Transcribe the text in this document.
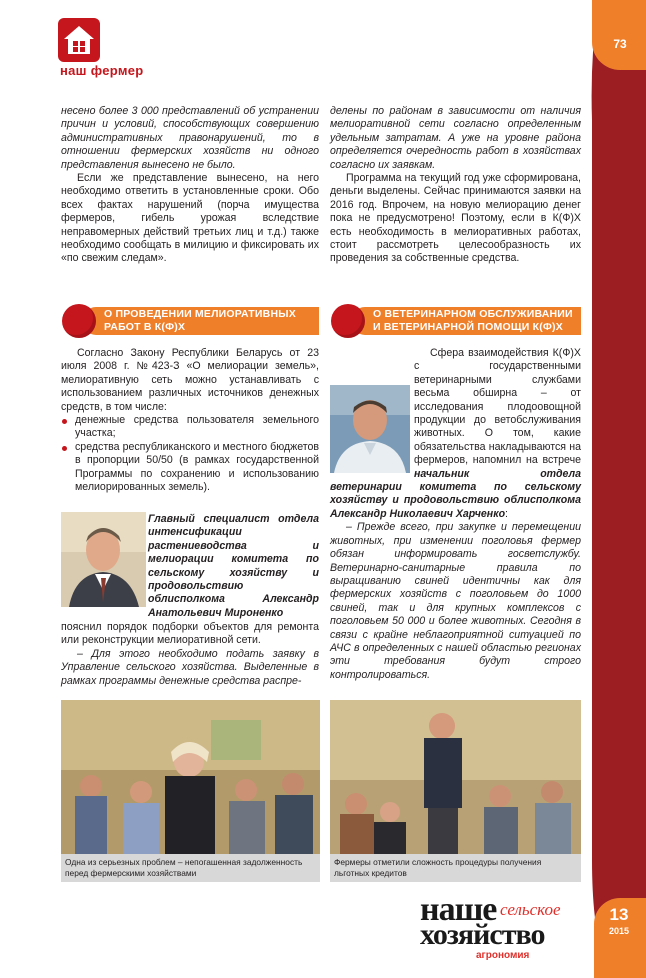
73
13
2015
наш фермер

несено более 3 000 представлений об устранении причин и условий, способствующих совершению административных правонарушений, то в отношении фермерских хозяйств ни одного представления вынесено не было.

Если же представление вынесено, на него необходимо ответить в установленные сроки. Обо всех фактах нарушений (порча имущества фермеров, гибель урожая вследствие неправомерных действий третьих лиц и т.д.) также необходимо сообщать в милицию и фиксировать их «по свежим следам».

О ПРОВЕДЕНИИ МЕЛИОРАТИВНЫХ
РАБОТ В К(Ф)Х

Согласно Закону Республики Беларусь от 23 июля 2008 г. №423-З «О мелиорации земель», мелиоративную сеть можно устанавливать с использованием различных источников денежных средств, в том числе:

денежные средства пользователя земельного участка;

средства республиканского и местного бюджетов в пропорции 50/50 (в рамках государственной Программы по сохранению и использованию мелиорированных земель).

Главный специалист отдела интенсификации растениеводства и мелиорации комитета по сельскому хозяйству и продовольствию облисполкома Александр Анатольевич Мироненко

пояснил порядок подборки объектов для ремонта или реконструкции мелиоративной сети.

– Для этого необходимо подать заявку в Управление сельского хозяйства. Выделенные в рамках программы денежные средства распре-

делены по районам в зависимости от наличия мелиоративной сети согласно определенным удельным затратам. А уже на уровне района определяется очередность работ в хозяйствах согласно их заявкам.

Программа на текущий год уже сформирована, деньги выделены. Сейчас принимаются заявки на 2016 год. Впрочем, на новую мелиорацию денег пока не предусмотрено! Поэтому, если в К(Ф)Х есть необходимость в мелиоративных работах, стоит рассмотреть целесообразность их проведения за собственные средства.

О ВЕТЕРИНАРНОМ ОБСЛУЖИВАНИИ
И ВЕТЕРИНАРНОЙ ПОМОЩИ К(Ф)Х

Сфера взаимодействия К(Ф)Х с государственными ветеринарными службами весьма обширна – от исследования плодоовощной продукции до ветобслуживания животных. О том, какие обязательства накладываются на фермеров, напомнил на встрече начальник отдела ветеринарии комитета по сельскому хозяйству и продовольствию облисполкома Александр Николаевич Харченко:

– Прежде всего, при закупке и перемещении животных, при изменении поголовья фермер обязан информировать госветслужбу. Ветеринарно-санитарные правила по выращиванию свиней идентичны как для фермерских хозяйств с поголовьем до 1000 свиней, так и для крупных комплексов с поголовьем 50 000 и более животных. Сегодня в связи с крайне неблагоприятной ситуацией по АЧС в определенных с нашей областью регионах эти требования будут строго контролироваться.

Одна из серьезных проблем – непогашенная задолженность перед фермерскими хозяйствами
Фермеры отметили сложность процедуры получения льготных кредитов
наше сельское
хозяйство
агрономия
